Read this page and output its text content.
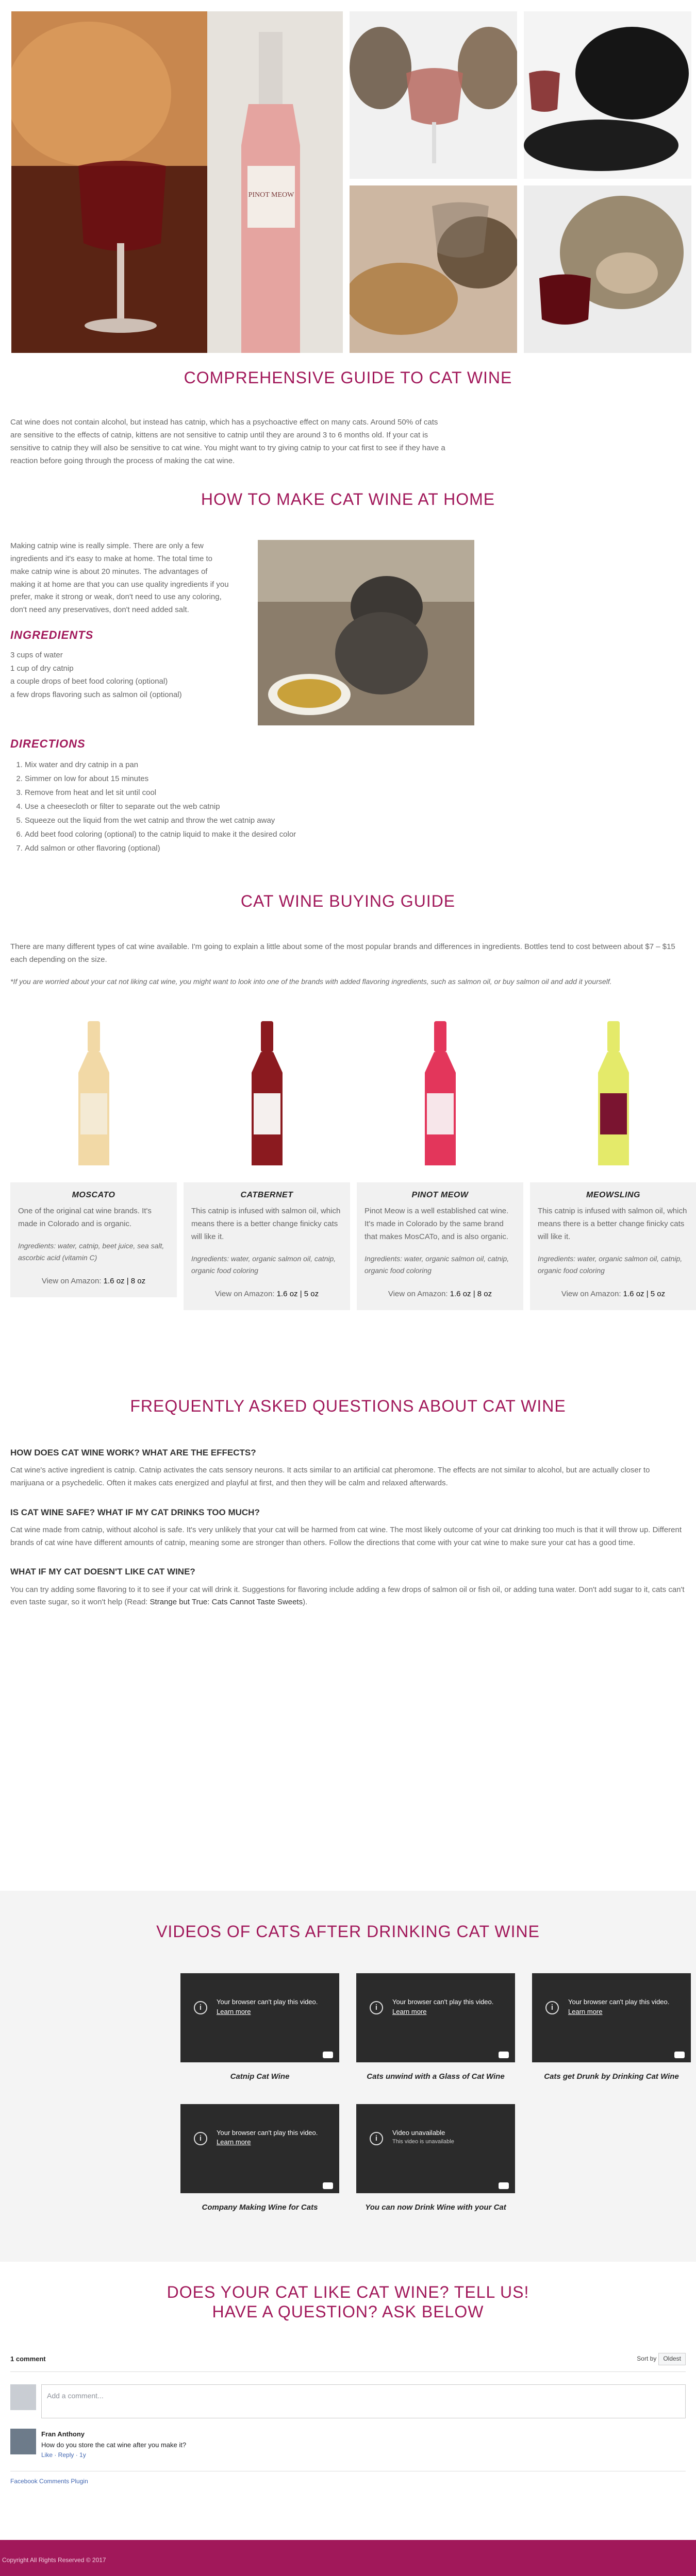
PINOT MEOW
COMPREHENSIVE GUIDE TO CAT WINE

Cat wine does not contain alcohol, but instead has catnip, which has a psychoactive effect on many cats. Around 50% of cats are sensitive to the effects of catnip, kittens are not sensitive to catnip until they are around 3 to 6 months old. If your cat is sensitive to catnip they will also be sensitive to cat wine. You might want to try giving catnip to your cat first to see if they have a reaction before going through the process of making the cat wine.

HOW TO MAKE CAT WINE AT HOME

Making catnip wine is really simple. There are only a few ingredients and it's easy to make at home. The total time to make catnip wine is about 20 minutes. The advantages of making it at home are that you can use quality ingredients if you prefer, make it strong or weak, don't need to use any coloring, don't need any preservatives, don't need added salt.

INGREDIENTS
3 cups of water
1 cup of dry catnip
a couple drops of beet food coloring (optional)
a few drops flavoring such as salmon oil (optional)
DIRECTIONS
1. Mix water and dry catnip in a pan
2. Simmer on low for about 15 minutes
3. Remove from heat and let sit until cool
4. Use a cheesecloth or filter to separate out the web catnip
5. Squeeze out the liquid from the wet catnip and throw the wet catnip away
6. Add beet food coloring (optional) to the catnip liquid to make it the desired color
7. Add salmon or other flavoring (optional)
CAT WINE BUYING GUIDE

There are many different types of cat wine available. I'm going to explain a little about some of the most popular brands and differences in ingredients. Bottles tend to cost between about $7 – $15 each depending on the size.

*If you are worried about your cat not liking cat wine, you might want to look into one of the brands with added flavoring ingredients, such as salmon oil, or buy salmon oil and add it yourself.

MOSCATO
One of the original cat wine brands. It's made in Colorado and is organic.
Ingredients: water, catnip, beet juice, sea salt, ascorbic acid (vitamin C)
View on Amazon: 1.6 oz | 8 oz
CATBERNET
This catnip is infused with salmon oil, which means there is a better change finicky cats will like it.
Ingredients: water, organic salmon oil, catnip, organic food coloring
View on Amazon: 1.6 oz | 5 oz
PINOT MEOW
Pinot Meow is a well established cat wine. It's made in Colorado by the same brand that makes MosCATo, and is also organic.
Ingredients: water, organic salmon oil, catnip, organic food coloring
View on Amazon: 1.6 oz | 8 oz
MEOWSLING
This catnip is infused with salmon oil, which means there is a better change finicky cats will like it.
Ingredients: water, organic salmon oil, catnip, organic food coloring
View on Amazon: 1.6 oz | 5 oz
FREQUENTLY ASKED QUESTIONS ABOUT CAT WINE
HOW DOES CAT WINE WORK? WHAT ARE THE EFFECTS?

Cat wine's active ingredient is catnip. Catnip activates the cats sensory neurons. It acts similar to an artificial cat pheromone. The effects are not similar to alcohol, but are actually closer to marijuana or a psychedelic. Often it makes cats energized and playful at first, and then they will be calm and relaxed afterwards.

IS CAT WINE SAFE? WHAT IF MY CAT DRINKS TOO MUCH?

Cat wine made from catnip, without alcohol is safe. It's very unlikely that your cat will be harmed from cat wine. The most likely outcome of your cat drinking too much is that it will throw up. Different brands of cat wine have different amounts of catnip, meaning some are stronger than others. Follow the directions that come with your cat wine to make sure your cat has a good time.

WHAT IF MY CAT DOESN'T LIKE CAT WINE?

You can try adding some flavoring to it to see if your cat will drink it. Suggestions for flavoring include adding a few drops of salmon oil or fish oil, or adding tuna water. Don't add sugar to it, cats can't even taste sugar, so it won't help (Read: Strange but True: Cats Cannot Taste Sweets).

VIDEOS OF CATS AFTER DRINKING CAT WINE
i
Your browser can't play this video.
Learn more
Catnip Cat Wine
i
Your browser can't play this video.
Learn more
Cats unwind with a Glass of Cat Wine
i
Your browser can't play this video.
Learn more
Cats get Drunk by Drinking Cat Wine
i
Your browser can't play this video.
Learn more
Company Making Wine for Cats
i
Video unavailable
This video is unavailable
You can now Drink Wine with your Cat
DOES YOUR CAT LIKE CAT WINE? TELL US!
HAVE A QUESTION? ASK BELOW
1 comment	Sort by Oldest
Add a comment...
Fran Anthony
How do you store the cat wine after you make it?
Like · Reply · 1y
Facebook Comments Plugin
Copyright All Rights Reserved © 2017
